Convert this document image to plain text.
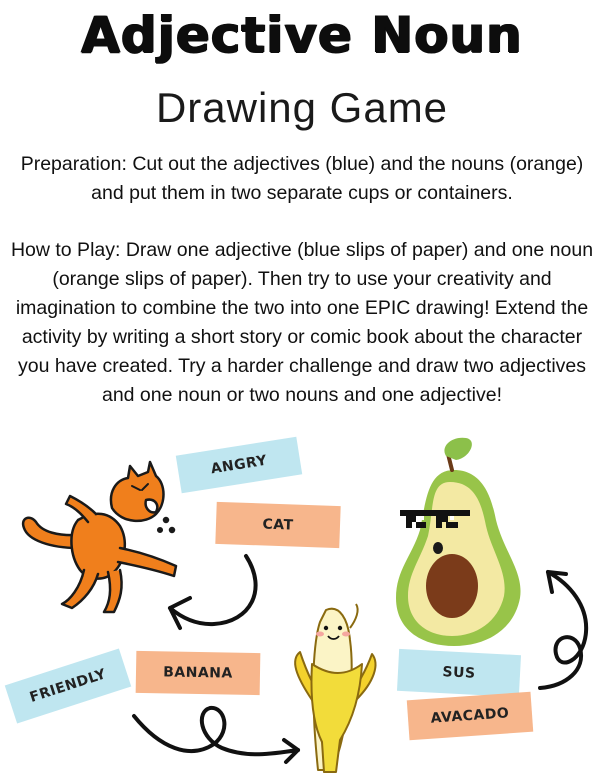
Adjective Noun
Drawing Game
Preparation: Cut out the adjectives (blue) and the nouns (orange) and put them in two separate cups or containers.
How to Play: Draw one adjective (blue slips of paper) and one noun (orange slips of paper). Then try to use your creativity and imagination to combine the two into one EPIC drawing! Extend the activity by writing a short story or comic book about the character you have created. Try a harder challenge and draw two adjectives and one noun or two nouns and one adjective!
ANGRY
CAT
FRIENDLY	BANANA	SUS
AVACADO
